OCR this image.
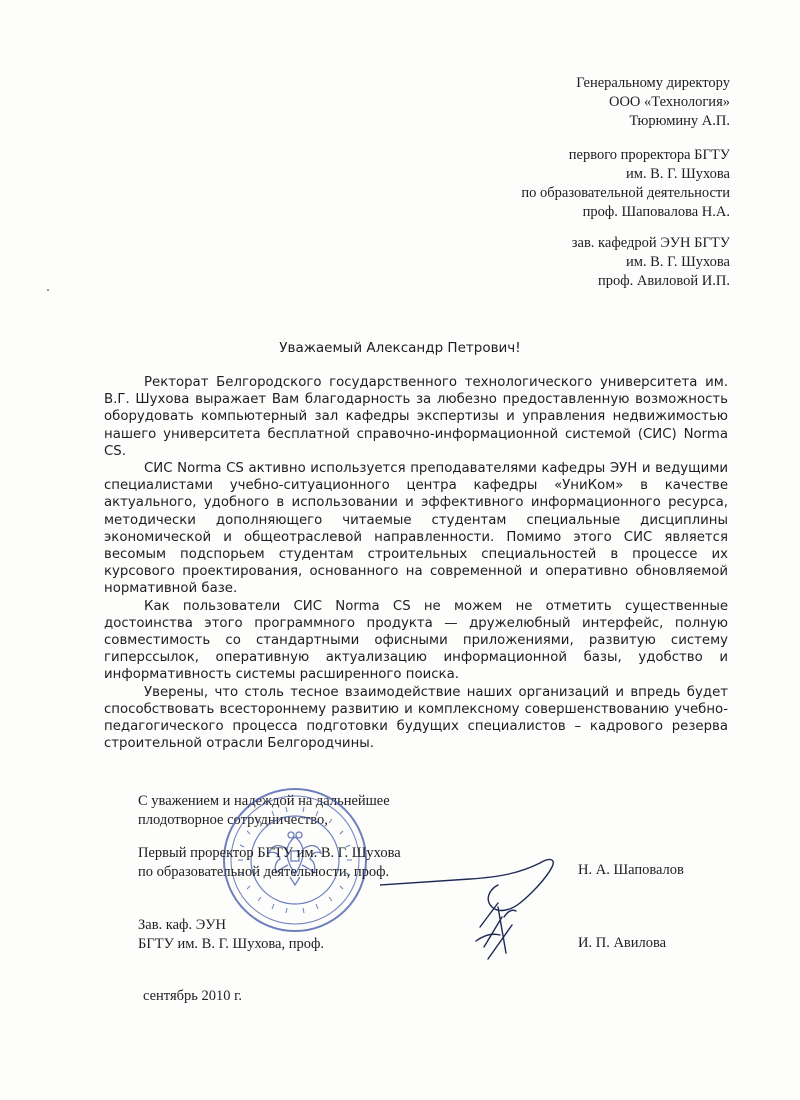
Генеральному директору
ООО «Технология»
Тюрюмину А.П.
первого проректора БГТУ
им. В. Г. Шухова
по образовательной деятельности
проф. Шаповалова Н.А.
зав. кафедрой ЭУН БГТУ
им. В. Г. Шухова
проф. Авиловой И.П.
Уважаемый Александр Петрович!

Ректорат Белгородского государственного технологического университета им. В.Г. Шухова выражает Вам благодарность за любезно предоставленную возможность оборудовать компьютерный зал кафедры экспертизы и управления недвижимостью нашего университета бесплатной справочно-информационной системой (СИС) Norma CS.

СИС Norma CS активно используется преподавателями кафедры ЭУН и ведущими специалистами учебно-ситуационного центра кафедры «УниКом» в качестве актуального, удобного в использовании и эффективного информационного ресурса, методически дополняющего читаемые студентам специальные дисциплины экономической и общеотраслевой направленности. Помимо этого СИС является весомым подспорьем студентам строительных специальностей в процессе их курсового проектирования, основанного на современной и оперативно обновляемой нормативной базе.

Как пользователи СИС Norma CS не можем не отметить существенные достоинства этого программного продукта — дружелюбный интерфейс, полную совместимость со стандартными офисными приложениями, развитую систему гиперссылок, оперативную актуализацию информационной базы, удобство и информативность системы расширенного поиска.

Уверены, что столь тесное взаимодействие наших организаций и впредь будет способствовать всестороннему развитию и комплексному совершенствованию учебно-педагогического процесса подготовки будущих специалистов – кадрового резерва строительной отрасли Белгородчины.

С уважением и надеждой на дальнейшее
плодотворное сотрудничество,
Первый проректор БГТУ им. В. Г. Шухова
по образовательной деятельности, проф.	Н. А. Шаповалов
Зав. каф. ЭУН
БГТУ им. В. Г. Шухова, проф.	И. П. Авилова
сентябрь 2010 г.
